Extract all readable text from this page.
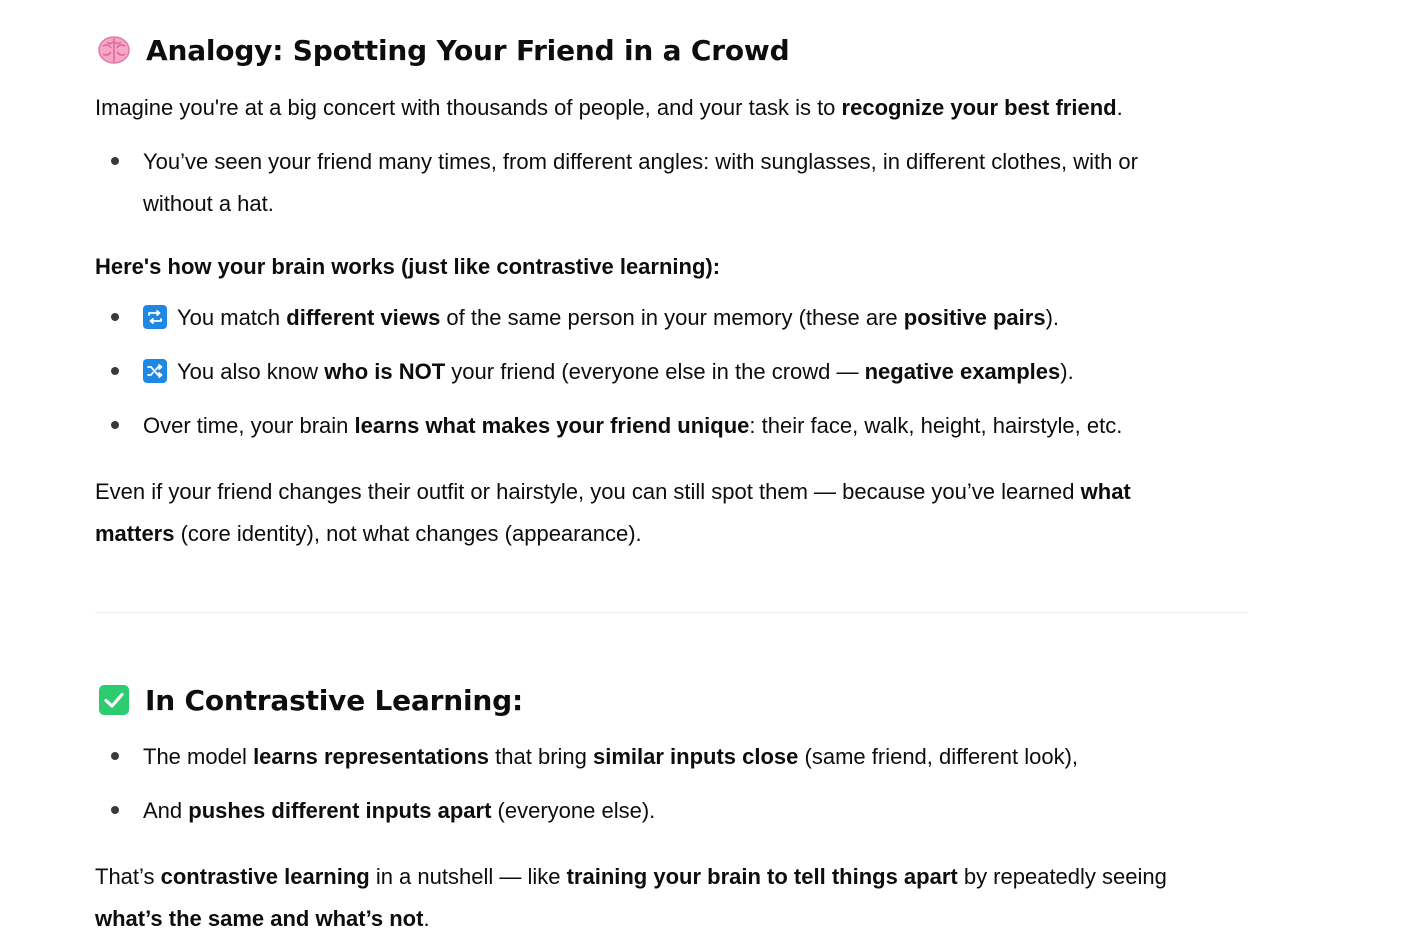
Analogy: Spotting Your Friend in a Crowd

Imagine you're at a big concert with thousands of people, and your task is to recognize your best friend.

You’ve seen your friend many times, from different angles: with sunglasses, in different clothes, with or
without a hat.

Here's how your brain works (just like contrastive learning):

You match different views of the same person in your memory (these are positive pairs).
You also know who is NOT your friend (everyone else in the crowd — negative examples).
Over time, your brain learns what makes your friend unique: their face, walk, height, hairstyle, etc.

Even if your friend changes their outfit or hairstyle, you can still spot them — because you’ve learned what
matters (core identity), not what changes (appearance).

In Contrastive Learning:
The model learns representations that bring similar inputs close (same friend, different look),
And pushes different inputs apart (everyone else).

That’s contrastive learning in a nutshell — like training your brain to tell things apart by repeatedly seeing
what’s the same and what’s not.
